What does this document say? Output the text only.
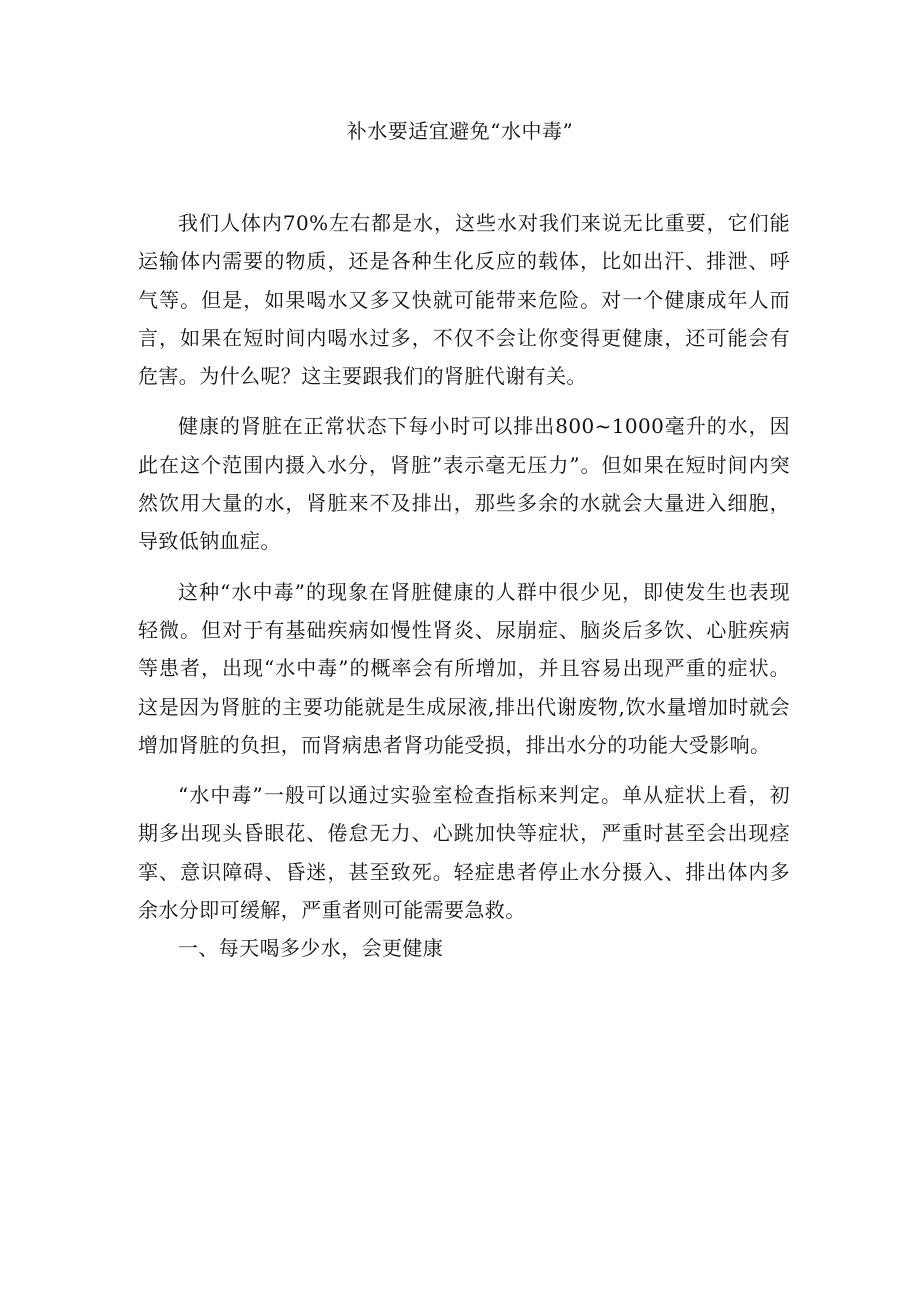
补水要适宜避免“水中毒”

我们人体内70%左右都是水，这些水对我们来说无比重要，它们能运输体内需要的物质，还是各种生化反应的载体，比如出汗、排泄、呼气等。但是，如果喝水又多又快就可能带来危险。对一个健康成年人而言，如果在短时间内喝水过多，不仅不会让你变得更健康，还可能会有危害。为什么呢？这主要跟我们的肾脏代谢有关。

健康的肾脏在正常状态下每小时可以排出800~1000毫升的水，因此在这个范围内摄入水分，肾脏”表示毫无压力”。但如果在短时间内突然饮用大量的水，肾脏来不及排出，那些多余的水就会大量进入细胞，导致低钠血症。

这种“水中毒”的现象在肾脏健康的人群中很少见，即使发生也表现轻微。但对于有基础疾病如慢性肾炎、尿崩症、脑炎后多饮、心脏疾病等患者，出现“水中毒”的概率会有所增加，并且容易出现严重的症状。这是因为肾脏的主要功能就是生成尿液,排出代谢废物,饮水量增加时就会增加肾脏的负担，而肾病患者肾功能受损，排出水分的功能大受影响。

“水中毒”一般可以通过实验室检查指标来判定。单从症状上看，初期多出现头昏眼花、倦怠无力、心跳加快等症状，严重时甚至会出现痉挛、意识障碍、昏迷，甚至致死。轻症患者停止水分摄入、排出体内多余水分即可缓解，严重者则可能需要急救。

一、每天喝多少水，会更健康
